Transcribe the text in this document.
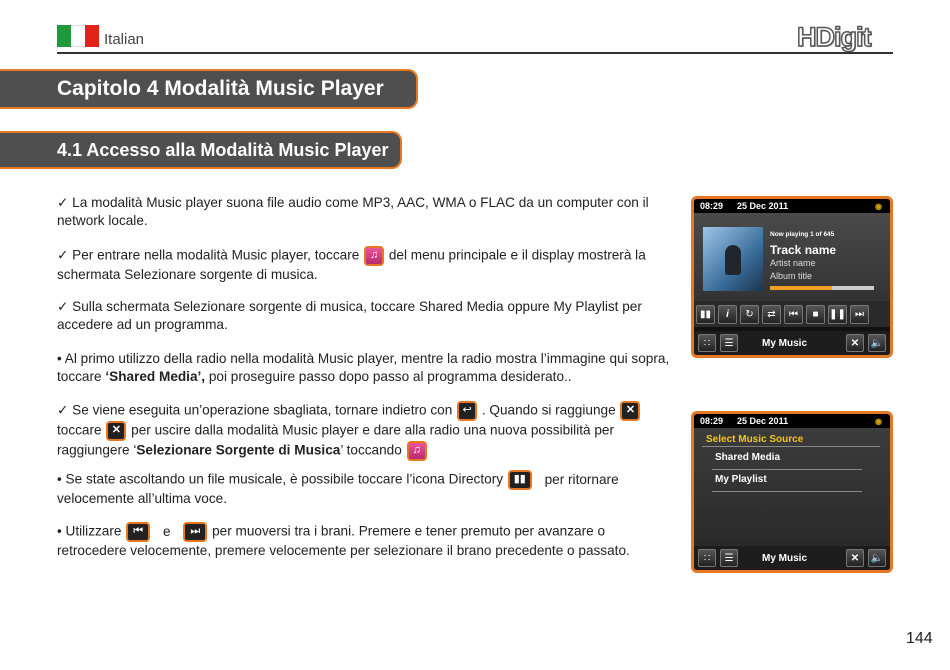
Italian	HDigit
Capitolo 4 Modalità Music Player
4.1 Accesso alla Modalità Music Player
✓ La modalità Music player suona file audio come MP3, AAC, WMA o FLAC da un computer con il network locale.
✓ Per entrare nella modalità Music player, toccare ♫ del menu principale e il display mostrerà la schermata Selezionare sorgente di musica.
✓ Sulla schermata Selezionare sorgente di musica, toccare Shared Media oppure My Playlist per accedere ad un programma.
• Al primo utilizzo della radio nella modalità Music player, mentre la radio mostra l’immagine qui sopra, toccare ‘Shared Media’, poi proseguire passo dopo passo al programma desiderato..
✓ Se viene eseguita un’operazione sbagliata, tornare indietro con ↩ . Quando si raggiunge ✕ toccare ✕ per uscire dalla modalità Music player e dare alla radio una nuova possibilità per raggiungere ‘Selezionare Sorgente di Musica’ toccando ♫
• Se state ascoltando un file musicale, è possibile toccare l’icona Directory ▮▮ per ritornare velocemente all’ultima voce.
• Utilizzare ⏮ e ⏭ per muoversi tra i brani. Premere e tener premuto per avanzare o retrocedere velocemente, premere velocemente per selezionare il brano precedente o passato.
08:29 25 Dec 2011	◉
Now playing 1 of 645
Track name
Artist name
Album title
▮▮	i	↻	⇄	⏮	■	❚❚ ⏭
∷	☰	My Music	✕	🔈
08:29 25 Dec 2011	◉
Select Music Source
Shared Media
My Playlist
∷	☰	My Music	✕	🔈
144
